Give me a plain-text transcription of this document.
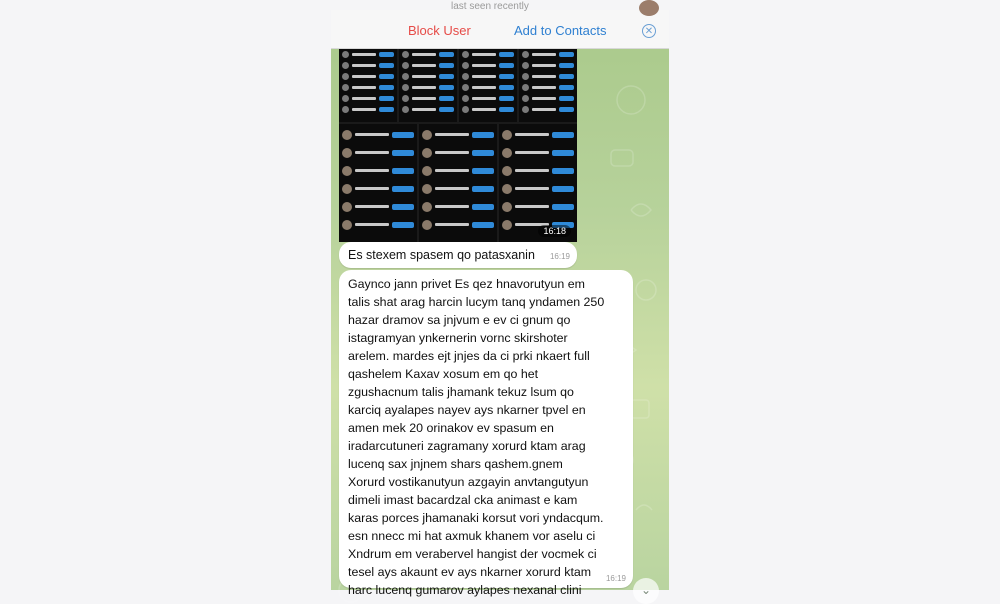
last seen recently
Block User	Add to Contacts	✕
16:18
Es stexem spasem qo patasxanin 16:19
Gaynco jann privet Es qez hnavorutyun em
talis shat arag harcin lucym tanq yndamen 250
hazar dramov sa jnjvum e ev ci gnum qo
istagramyan ynkernerin vornc skirshoter
arelem. mardes ejt jnjes da ci prki nkaert full
qashelem Kaxav xosum em qo het
zgushacnum talis jhamank tekuz lsum qo
karciq ayalapes nayev ays nkarner tpvel en
amen mek 20 orinakov ev spasum en
iradarcutuneri zagramany xorurd ktam arag
lucenq sax jnjnem shars qashem.gnem
Xorurd vostikanutyun azgayin anvtangutyun
dimeli imast bacardzal cka animast e kam
karas porces jhamanaki korsut vori yndacqum.
esn nnecc mi hat axmuk khanem vor aselu ci
Xndrum em verabervel hangist der vocmek ci
tesel ays akaunt ev ays nkarner xorurd ktam
harc lucenq gumarov aylapes nexanal clini
16:19
⌄
